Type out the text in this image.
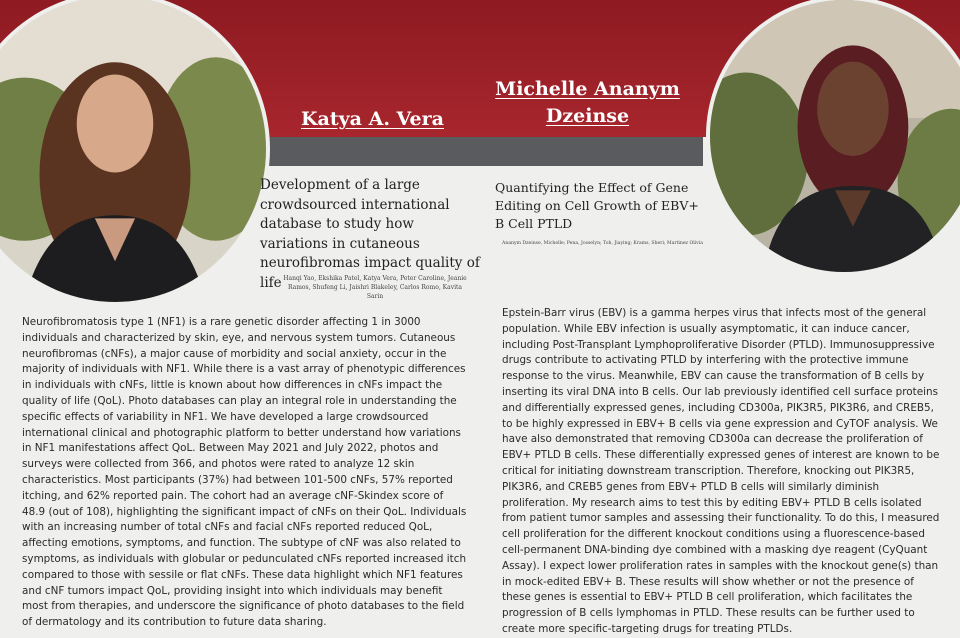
Katya A. Vera
Michelle Ananym Dzeinse
Development of a large crowdsourced international database to study how variations in cutaneous neurofibromas impact quality of life
Quantifying the Effect of Gene Editing on Cell Growth of EBV+ B Cell PTLD
Hanqi Yao, Ekshika Patel, Katya Vera, Peter Caroline, Jeanie Ramos, Shufeng Li, Jaishri Blakeley, Carlos Romo, Kavita Sarin
Ananym Dzeinse, Michelle; Pena, Josselyn; Toh, Jiaying; Krams, Sheri; Martinez Olivia
Neurofibromatosis type 1 (NF1) is a rare genetic disorder affecting 1 in 3000 individuals and characterized by skin, eye, and nervous system tumors. Cutaneous neurofibromas (cNFs), a major cause of morbidity and social anxiety, occur in the majority of individuals with NF1. While there is a vast array of phenotypic differences in individuals with cNFs, little is known about how differences in cNFs impact the quality of life (QoL). Photo databases can play an integral role in understanding the specific effects of variability in NF1. We have developed a large crowdsourced international clinical and photographic platform to better understand how variations in NF1 manifestations affect QoL. Between May 2021 and July 2022, photos and surveys were collected from 366, and photos were rated to analyze 12 skin characteristics. Most participants (37%) had between 101-500 cNFs, 57% reported itching, and 62% reported pain. The cohort had an average cNF-Skindex score of 48.9 (out of 108), highlighting the significant impact of cNFs on their QoL. Individuals with an increasing number of total cNFs and facial cNFs reported reduced QoL, affecting emotions, symptoms, and function. The subtype of cNF was also related to symptoms, as individuals with globular or pedunculated cNFs reported increased itch compared to those with sessile or flat cNFs. These data highlight which NF1 features and cNF tumors impact QoL, providing insight into which individuals may benefit most from therapies, and underscore the significance of photo databases to the field of dermatology and its contribution to future data sharing.
Epstein-Barr virus (EBV) is a gamma herpes virus that infects most of the general population. While EBV infection is usually asymptomatic, it can induce cancer, including Post-Transplant Lymphoproliferative Disorder (PTLD). Immunosuppressive drugs contribute to activating PTLD by interfering with the protective immune response to the virus. Meanwhile, EBV can cause the transformation of B cells by inserting its viral DNA into B cells. Our lab previously identified cell surface proteins and differentially expressed genes, including CD300a, PIK3R5, PIK3R6, and CREB5, to be highly expressed in EBV+ B cells via gene expression and CyTOF analysis. We have also demonstrated that removing CD300a can decrease the proliferation of EBV+ PTLD B cells. These differentially expressed genes of interest are known to be critical for initiating downstream transcription. Therefore, knocking out PIK3R5, PIK3R6, and CREB5 genes from EBV+ PTLD B cells will similarly diminish proliferation. My research aims to test this by editing EBV+ PTLD B cells isolated from patient tumor samples and assessing their functionality. To do this, I measured cell proliferation for the different knockout conditions using a fluorescence-based cell-permanent DNA-binding dye combined with a masking dye reagent (CyQuant Assay). I expect lower proliferation rates in samples with the knockout gene(s) than in mock-edited EBV+ B. These results will show whether or not the presence of these genes is essential to EBV+ PTLD B cell proliferation, which facilitates the progression of B cells lymphomas in PTLD. These results can be further used to create more specific-targeting drugs for treating PTLDs.
